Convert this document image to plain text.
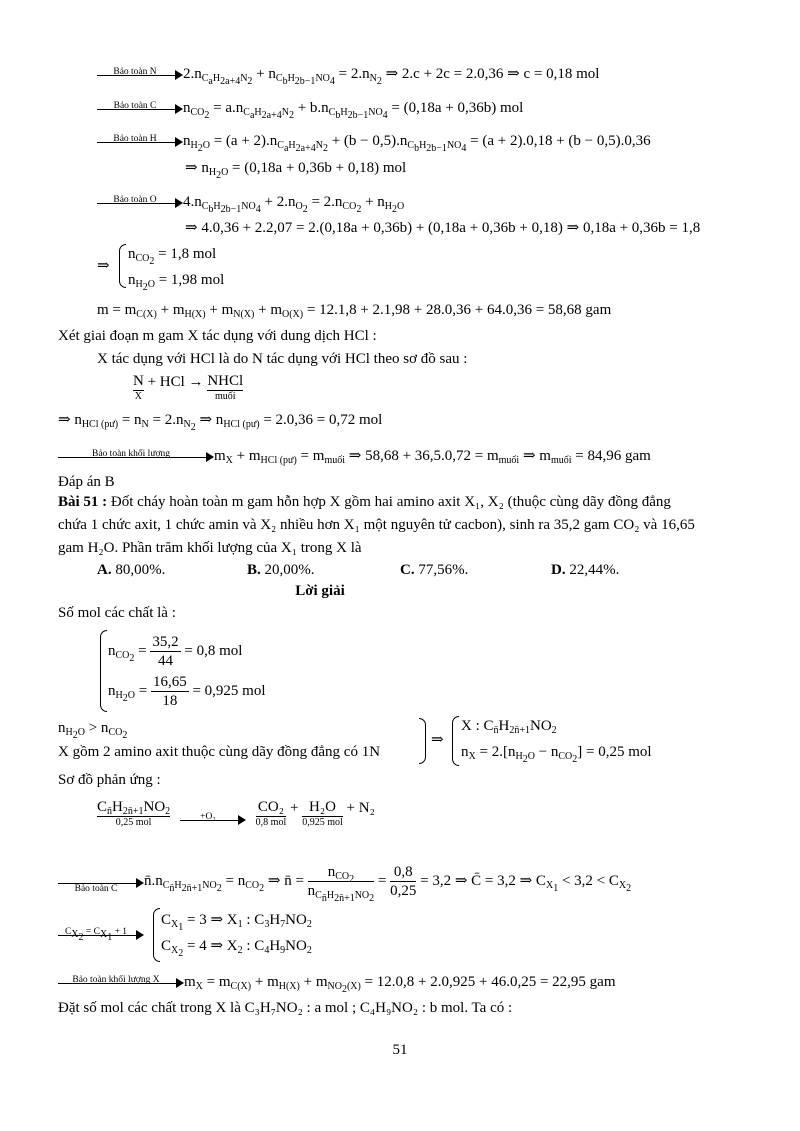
Bảo toàn N	$2.n_{C_aH_{2a+4}N_2} + n_{C_bH_{2b-1}NO_4} = 2.n_{N_2}$ ⇒ 2.c + 2c = 2.0,36 ⇒ c = 0,18 mol
Bảo toàn C	$n_{CO_2} = a.n_{C_aH_{2a+4}N_2} + b.n_{C_bH_{2b-1}NO_4} = (0,18a + 0,36b)$ mol
Bảo toàn H	$n_{H_2O} = (a + 2).n_{C_aH_{2a+4}N_2} + (b - 0,5).n_{C_bH_{2b-1}NO_4} = (a + 2).0,18 + (b - 0,5).0,36$
⇒ $n_{H_2O} = (0,18a + 0,36b + 0,18)$ mol
Bảo toàn O	$4.n_{C_bH_{2b-1}NO_4} + 2.n_{O_2} = 2.n_{CO_2} + n_{H_2O}$
⇒ 4.0,36 + 2.2,07 = 2.(0,18a + 0,36b) + (0,18a + 0,36b + 0,18) ⇒ 0,18a + 0,36b = 1,8
⇒
$n_{CO_2} = 1,8$ mol
$n_{H_2O} = 1,98$ mol
$m = m_{C(X)} + m_{H(X)} + m_{N(X)} + m_{O(X)} = 12.1,8 + 2.1,98 + 28.0,36 + 64.0,36 = 58,68$ gam
Xét giai đoạn m gam X tác dụng với dung dịch HCl :
X tác dụng với HCl là do N tác dụng với HCl theo sơ đồ sau :
N
X
+ HCl → NHCl
muối
⇒ $n_{HCl (pư)} = n_N = 2.n_{N_2}$ ⇒ $n_{HCl (pư)} = 2.0,36 = 0,72$ mol
Bảo toàn khối lượng	$m_X + m_{HCl (pư)} = m_{muối}$ ⇒ $58,68 + 36,5.0,72 = m_{muối}$ ⇒ $m_{muối} = 84,96$ gam
Đáp án B
Bài 51 : Đốt cháy hoàn toàn m gam hỗn hợp X gồm hai amino axit X₁, X₂ (thuộc cùng dãy đồng đẳng
chứa 1 chức axit, 1 chức amin và X₂ nhiều hơn X₁ một nguyên tử cacbon), sinh ra 35,2 gam CO₂ và 16,65
gam H₂O. Phần trăm khối lượng của X₁ trong X là
A. 80,00%.	B. 20,00%.	C. 77,56%.	D. 22,44%.
Lời giải
Số mol các chất là :
$n_{CO_2} = \frac{35,2}{44} = 0,8$ mol
$n_{H_2O} = \frac{16,65}{18} = 0,925$ mol
$n_{H_2O} > n_{CO_2}$
X gồm 2 amino axit thuộc cùng dãy đồng đẳng có 1N
⇒
X : $C_{n̄}H_{2n̄+1}NO_2$
$n_X = 2.[n_{H_2O} - n_{CO_2}] = 0,25$ mol
Sơ đồ phản ứng :
$C_{n̄}H_{2n̄+1}NO_2$
0,25 mol
	+O₂

CO₂
0,8 mol
+ H₂O
0,925 mol
+ N₂
Bảo toàn C	$n̄.n_{C_{n̄}H_{2n̄+1}NO_2} = n_{CO_2}$ ⇒ n̄ = $\frac{n_{CO_2}}{n_{C_{n̄}H_{2n̄+1}NO_2}} = \frac{0,8}{0,25} = 3,2$ ⇒ C̄ = 3,2 ⇒ $C_{X_1} < 3,2 < C_{X_2}$
$C_{X_2} = C_{X_1} + 1$
$C_{X_1} = 3$ ⇒ $X_1$ : $C_3H_7NO_2$
$C_{X_2} = 4$ ⇒ $X_2$ : $C_4H_9NO_2$
Bảo toàn khối lượng X	$m_X = m_{C(X)} + m_{H(X)} + m_{NO_2(X)} = 12.0,8 + 2.0,925 + 46.0,25 = 22,95$ gam
Đặt số mol các chất trong X là C₃H₇NO₂ : a mol ; C₄H₉NO₂ : b mol. Ta có :
51
